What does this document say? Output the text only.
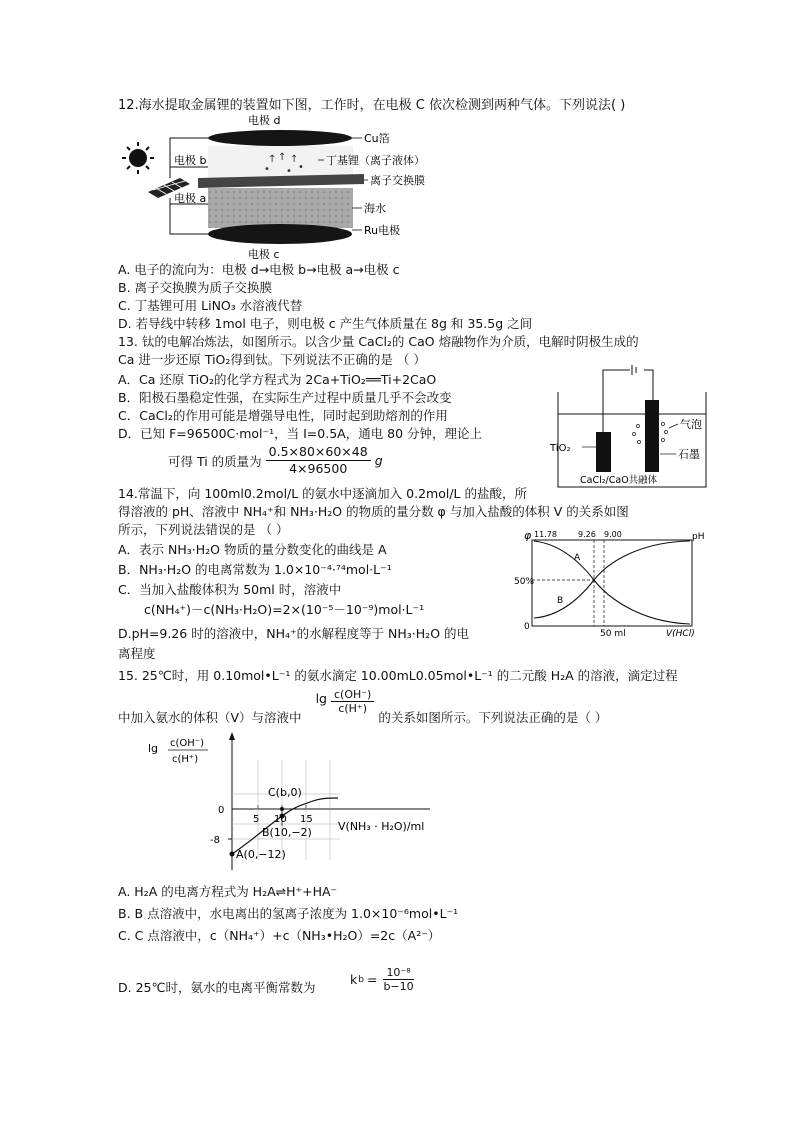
12.海水提取金属锂的装置如下图，工作时，在电极 C 依次检测到两种气体。下列说法( )
↑ ↑ ↑
• • •
电极 d
电极 b
电极 a
电极 c
Cu箔
丁基锂（离子液体）
离子交换膜
海水
Ru电极
A. 电子的流向为：电极 d→电极 b→电极 a→电极 c
B. 离子交换膜为质子交换膜
C. 丁基锂可用 LiNO₃ 水溶液代替
D. 若导线中转移 1mol 电子，则电极 c 产生气体质量在 8g 和 35.5g 之间
13. 钛的电解冶炼法，如图所示。以含少量 CaCl₂的 CaO 熔融物作为介质，电解时阴极生成的
Ca 进一步还原 TiO₂得到钛。下列说法不正确的是 （ ）
A．Ca 还原 TiO₂的化学方程式为 2Ca+TiO₂══Ti+2CaO
B．阳极石墨稳定性强，在实际生产过程中质量几乎不会改变
C．CaCl₂的作用可能是增强导电性，同时起到助熔剂的作用
D．已知 F=96500C·mol⁻¹，当 I=0.5A，通电 80 分钟，理论上
可得 Ti 的质量为 $\frac{0.5\times 80\times 60\times 48}{4\times 96500}$ g
TiO₂
气泡
石墨
CaCl₂/CaO共融体
14.常温下，向 100ml0.2mol/L 的氨水中逐滴加入 0.2mol/L 的盐酸，所
得溶液的 pH、溶液中 NH₄⁺和 NH₃·H₂O 的物质的量分数 φ 与加入盐酸的体积 V 的关系如图
所示，下列说法错误的是 （ ）
A．表示 NH₃·H₂O 物质的量分数变化的曲线是 A
B．NH₃·H₂O 的电离常数为 1.0×10⁻⁴·⁷⁴mol·L⁻¹
C．当加入盐酸体积为 50ml 时，溶液中
c(NH₄⁺)－c(NH₃·H₂O)=2×(10⁻⁵－10⁻⁹)mol·L⁻¹
D.pH=9.26 时的溶液中，NH₄⁺的水解程度等于 NH₃·H₂O 的电
离程度
φ	pH
11.78	9.26 9.00
50%
0
A
B
50 ml	V(HCl)
15. 25℃时，用 0.10mol•L⁻¹ 的氨水滴定 10.00mL0.05mol•L⁻¹ 的二元酸 H₂A 的溶液，滴定过程
中加入氨水的体积（V）与溶液中
$\lg \frac{c(OH^-)}{c(H^+)}$
的关系如图所示。下列说法正确的是（ ）
lg c(OH⁻)
c(H⁺)
0
-8
5 10 15
C(b,0)
B(10,−2)
A(0,−12)
V(NH₃ · H₂O)/ml
A. H₂A 的电离方程式为 H₂A⇌H⁺+HA⁻
B. B 点溶液中，水电离出的氢离子浓度为 1.0×10⁻⁶mol•L⁻¹
C. C 点溶液中，c（NH₄⁺）+c（NH₃•H₂O）=2c（A²⁻）
D. 25℃时，氨水的电离平衡常数为
k $b = \frac{\text{10⁻⁸}}{b-10}$
